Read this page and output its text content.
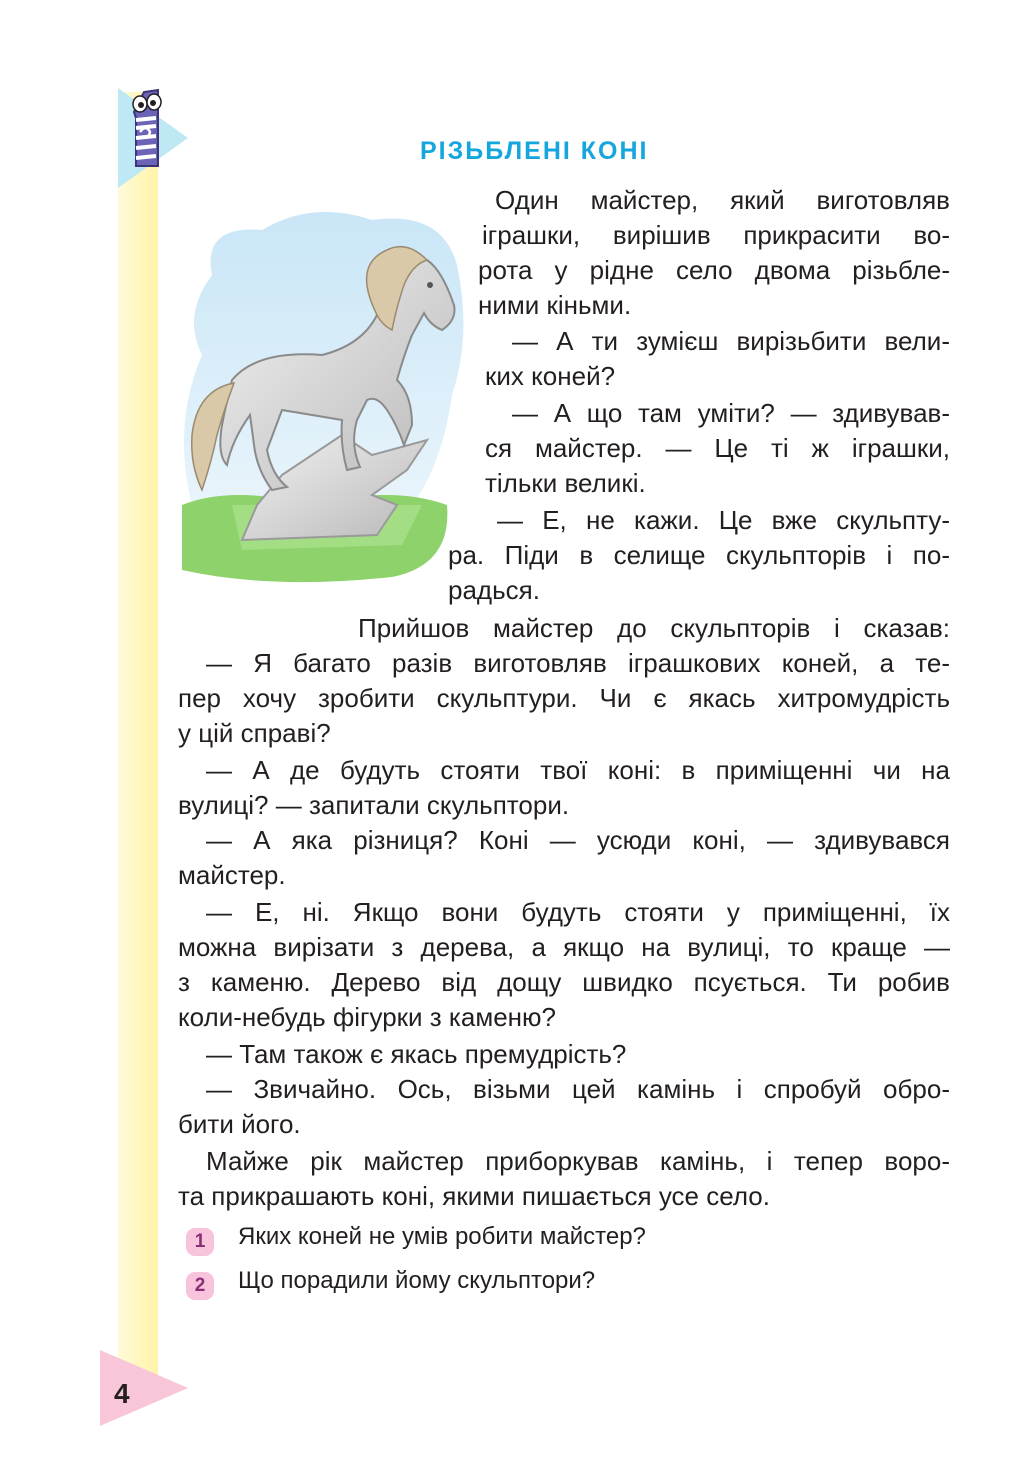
РІЗЬБЛЕНІ КОНІ
Один майстер, який виготовляв
іграшки, вирішив прикрасити во-
рота у рідне село двома різьбле-
ними кіньми.
— А ти зумієш вирізьбити вели-
ких коней?
— А що там уміти? — здивував-
ся майстер. — Це ті ж іграшки,
тільки великі.
— Е, не кажи. Це вже скульпту-
ра. Піди в селище скульпторів і по-
радься.
Прийшов майстер до скульпторів і сказав:
— Я багато разів виготовляв іграшкових коней, а те-
пер хочу зробити скульптури. Чи є якась хитромудрість
у цій справі?
— А де будуть стояти твої коні: в приміщенні чи на
вулиці? — запитали скульптори.
— А яка різниця? Коні — усюди коні, — здивувався
майстер.
— Е, ні. Якщо вони будуть стояти у приміщенні, їх
можна вирізати з дерева, а якщо на вулиці, то краще —
з каменю. Дерево від дощу швидко псується. Ти робив
коли-небудь фігурки з каменю?
— Там також є якась премудрість?
— Звичайно. Ось, візьми цей камінь і спробуй обро-
бити його.
Майже рік майстер приборкував камінь, і тепер воро-
та прикрашають коні, якими пишається усе село.
1	Яких коней не умів робити майстер?
2	Що порадили йому скульптори?
4
